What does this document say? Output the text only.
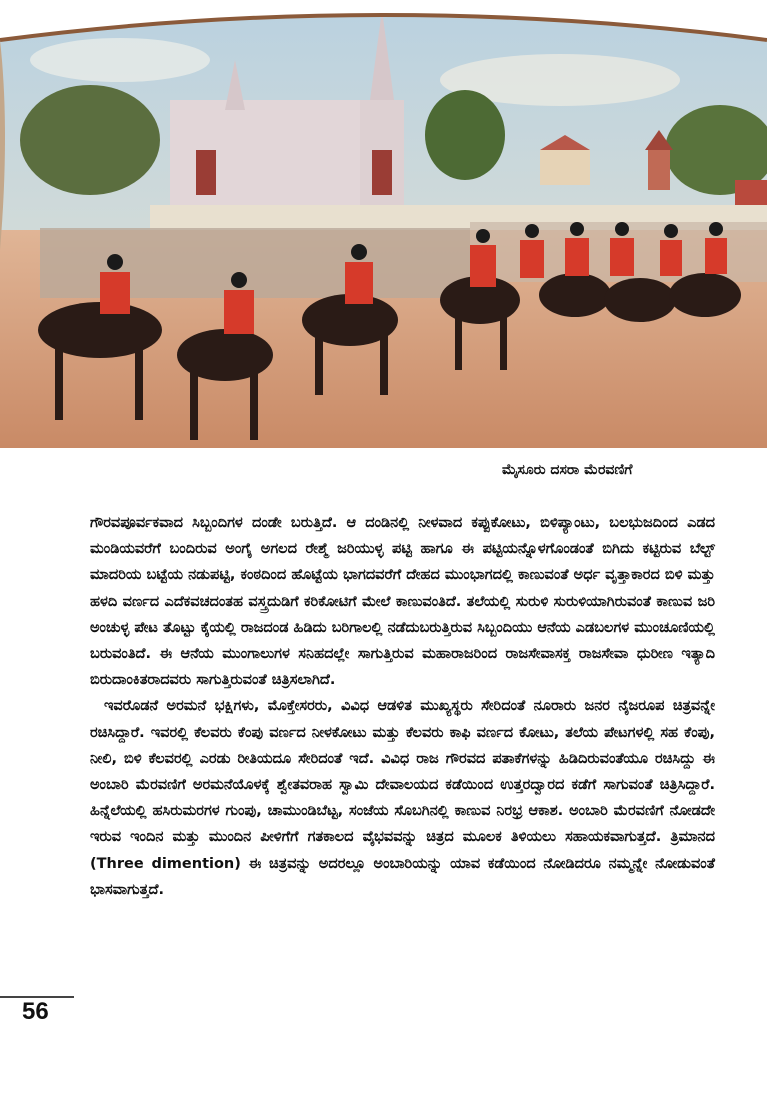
ಮೈಸೂರು ದಸರಾ ಮೆರವಣಿಗೆ

ಗೌರವಪೂರ್ವಕವಾದ ಸಿಬ್ಬಂದಿಗಳ ದಂಡೇ ಬರುತ್ತಿದೆ. ಆ ದಂಡಿನಲ್ಲಿ ನೀಳವಾದ ಕಪ್ಪುಕೋಟು, ಬಿಳಿಪ್ಯಾಂಟು, ಬಲಭುಜದಿಂದ ಎಡದ ಮಂಡಿಯವರೆಗೆ ಬಂದಿರುವ ಅಂಗೈ ಅಗಲದ ರೇಶ್ಮೆ ಜರಿಯುಳ್ಳ ಪಟ್ಟಿ ಹಾಗೂ ಈ ಪಟ್ಟಿಯನ್ನೊಳಗೊಂಡಂತೆ ಬಿಗಿದು ಕಟ್ಟಿರುವ ಬೆಲ್ಟ್ ಮಾದರಿಯ ಬಟ್ಟೆಯ ನಡುಪಟ್ಟಿ, ಕಂಠದಿಂದ ಹೊಟ್ಟೆಯ ಭಾಗದವರೆಗೆ ದೇಹದ ಮುಂಭಾಗದಲ್ಲಿ ಕಾಣುವಂತೆ ಅರ್ಧ ವೃತ್ತಾಕಾರದ ಬಿಳಿ ಮತ್ತು ಹಳದಿ ವರ್ಣದ ಎದೆಕವಚದಂತಹ ವಸ್ತ್ರದುಡಿಗೆ ಕರಿಕೋಟಿಗೆ ಮೇಲೆ ಕಾಣುವಂತಿದೆ. ತಲೆಯಲ್ಲಿ ಸುರುಳಿ ಸುರುಳಿಯಾಗಿರುವಂತೆ ಕಾಣುವ ಜರಿ ಅಂಚುಳ್ಳ ಪೇಟ ತೊಟ್ಟು ಕೈಯಲ್ಲಿ ರಾಜದಂಡ ಹಿಡಿದು ಬರಿಗಾಲಲ್ಲಿ ನಡೆದುಬರುತ್ತಿರುವ ಸಿಬ್ಬಂದಿಯು ಆನೆಯ ಎಡಬಲಗಳ ಮುಂಚೂಣಿಯಲ್ಲಿ ಬರುವಂತಿದೆ. ಈ ಆನೆಯ ಮುಂಗಾಲುಗಳ ಸನಿಹದಲ್ಲೇ ಸಾಗುತ್ತಿರುವ ಮಹಾರಾಜರಿಂದ ರಾಜಸೇವಾಸಕ್ತ ರಾಜಸೇವಾ ಧುರೀಣ ಇತ್ಯಾದಿ ಬಿರುದಾಂಕಿತರಾದವರು ಸಾಗುತ್ತಿರುವಂತೆ ಚಿತ್ರಿಸಲಾಗಿದೆ.

ಇವರೊಡನೆ ಅರಮನೆ ಭಕ್ಷಿಗಳು, ಮೊಕ್ತೇಸರರು, ವಿವಿಧ ಆಡಳಿತ ಮುಖ್ಯಸ್ಥರು ಸೇರಿದಂತೆ ನೂರಾರು ಜನರ ನೈಜರೂಪ ಚಿತ್ರವನ್ನೇ ರಚಿಸಿದ್ದಾರೆ. ಇವರಲ್ಲಿ ಕೆಲವರು ಕೆಂಪು ವರ್ಣದ ನೀಳಕೋಟು ಮತ್ತು ಕೆಲವರು ಕಾಫಿ ವರ್ಣದ ಕೋಟು, ತಲೆಯ ಪೇಟಗಳಲ್ಲಿ ಸಹ ಕೆಂಪು, ನೀಲಿ, ಬಿಳಿ ಕೆಲವರಲ್ಲಿ ಎರಡು ರೀತಿಯದೂ ಸೇರಿದಂತೆ ಇದೆ. ವಿವಿಧ ರಾಜ ಗೌರವದ ಪತಾಕೆಗಳನ್ನು ಹಿಡಿದಿರುವಂತೆಯೂ ರಚಿಸಿದ್ದು ಈ ಅಂಬಾರಿ ಮೆರವಣಿಗೆ ಅರಮನೆಯೊಳಕ್ಕೆ ಶ್ವೇತವರಾಹ ಸ್ವಾಮಿ ದೇವಾಲಯದ ಕಡೆಯಿಂದ ಉತ್ತರದ್ವಾರದ ಕಡೆಗೆ ಸಾಗುವಂತೆ ಚಿತ್ರಿಸಿದ್ದಾರೆ. ಹಿನ್ನೆಲೆಯಲ್ಲಿ ಹಸಿರುಮರಗಳ ಗುಂಪು, ಚಾಮುಂಡಿಬೆಟ್ಟ, ಸಂಜೆಯ ಸೊಬಗಿನಲ್ಲಿ ಕಾಣುವ ನಿರಭ್ರ ಆಕಾಶ. ಅಂಬಾರಿ ಮೆರವಣಿಗೆ ನೋಡದೇ ಇರುವ ಇಂದಿನ ಮತ್ತು ಮುಂದಿನ ಪೀಳಿಗೆಗೆ ಗತಕಾಲದ ವೈಭವವನ್ನು ಚಿತ್ರದ ಮೂಲಕ ತಿಳಿಯಲು ಸಹಾಯಕವಾಗುತ್ತದೆ. ತ್ರಿಮಾನದ (Three dimention) ಈ ಚಿತ್ರವನ್ನು ಅದರಲ್ಲೂ ಅಂಬಾರಿಯನ್ನು ಯಾವ ಕಡೆಯಿಂದ ನೋಡಿದರೂ ನಮ್ಮನ್ನೇ ನೋಡುವಂತೆ ಭಾಸವಾಗುತ್ತದೆ.

56
